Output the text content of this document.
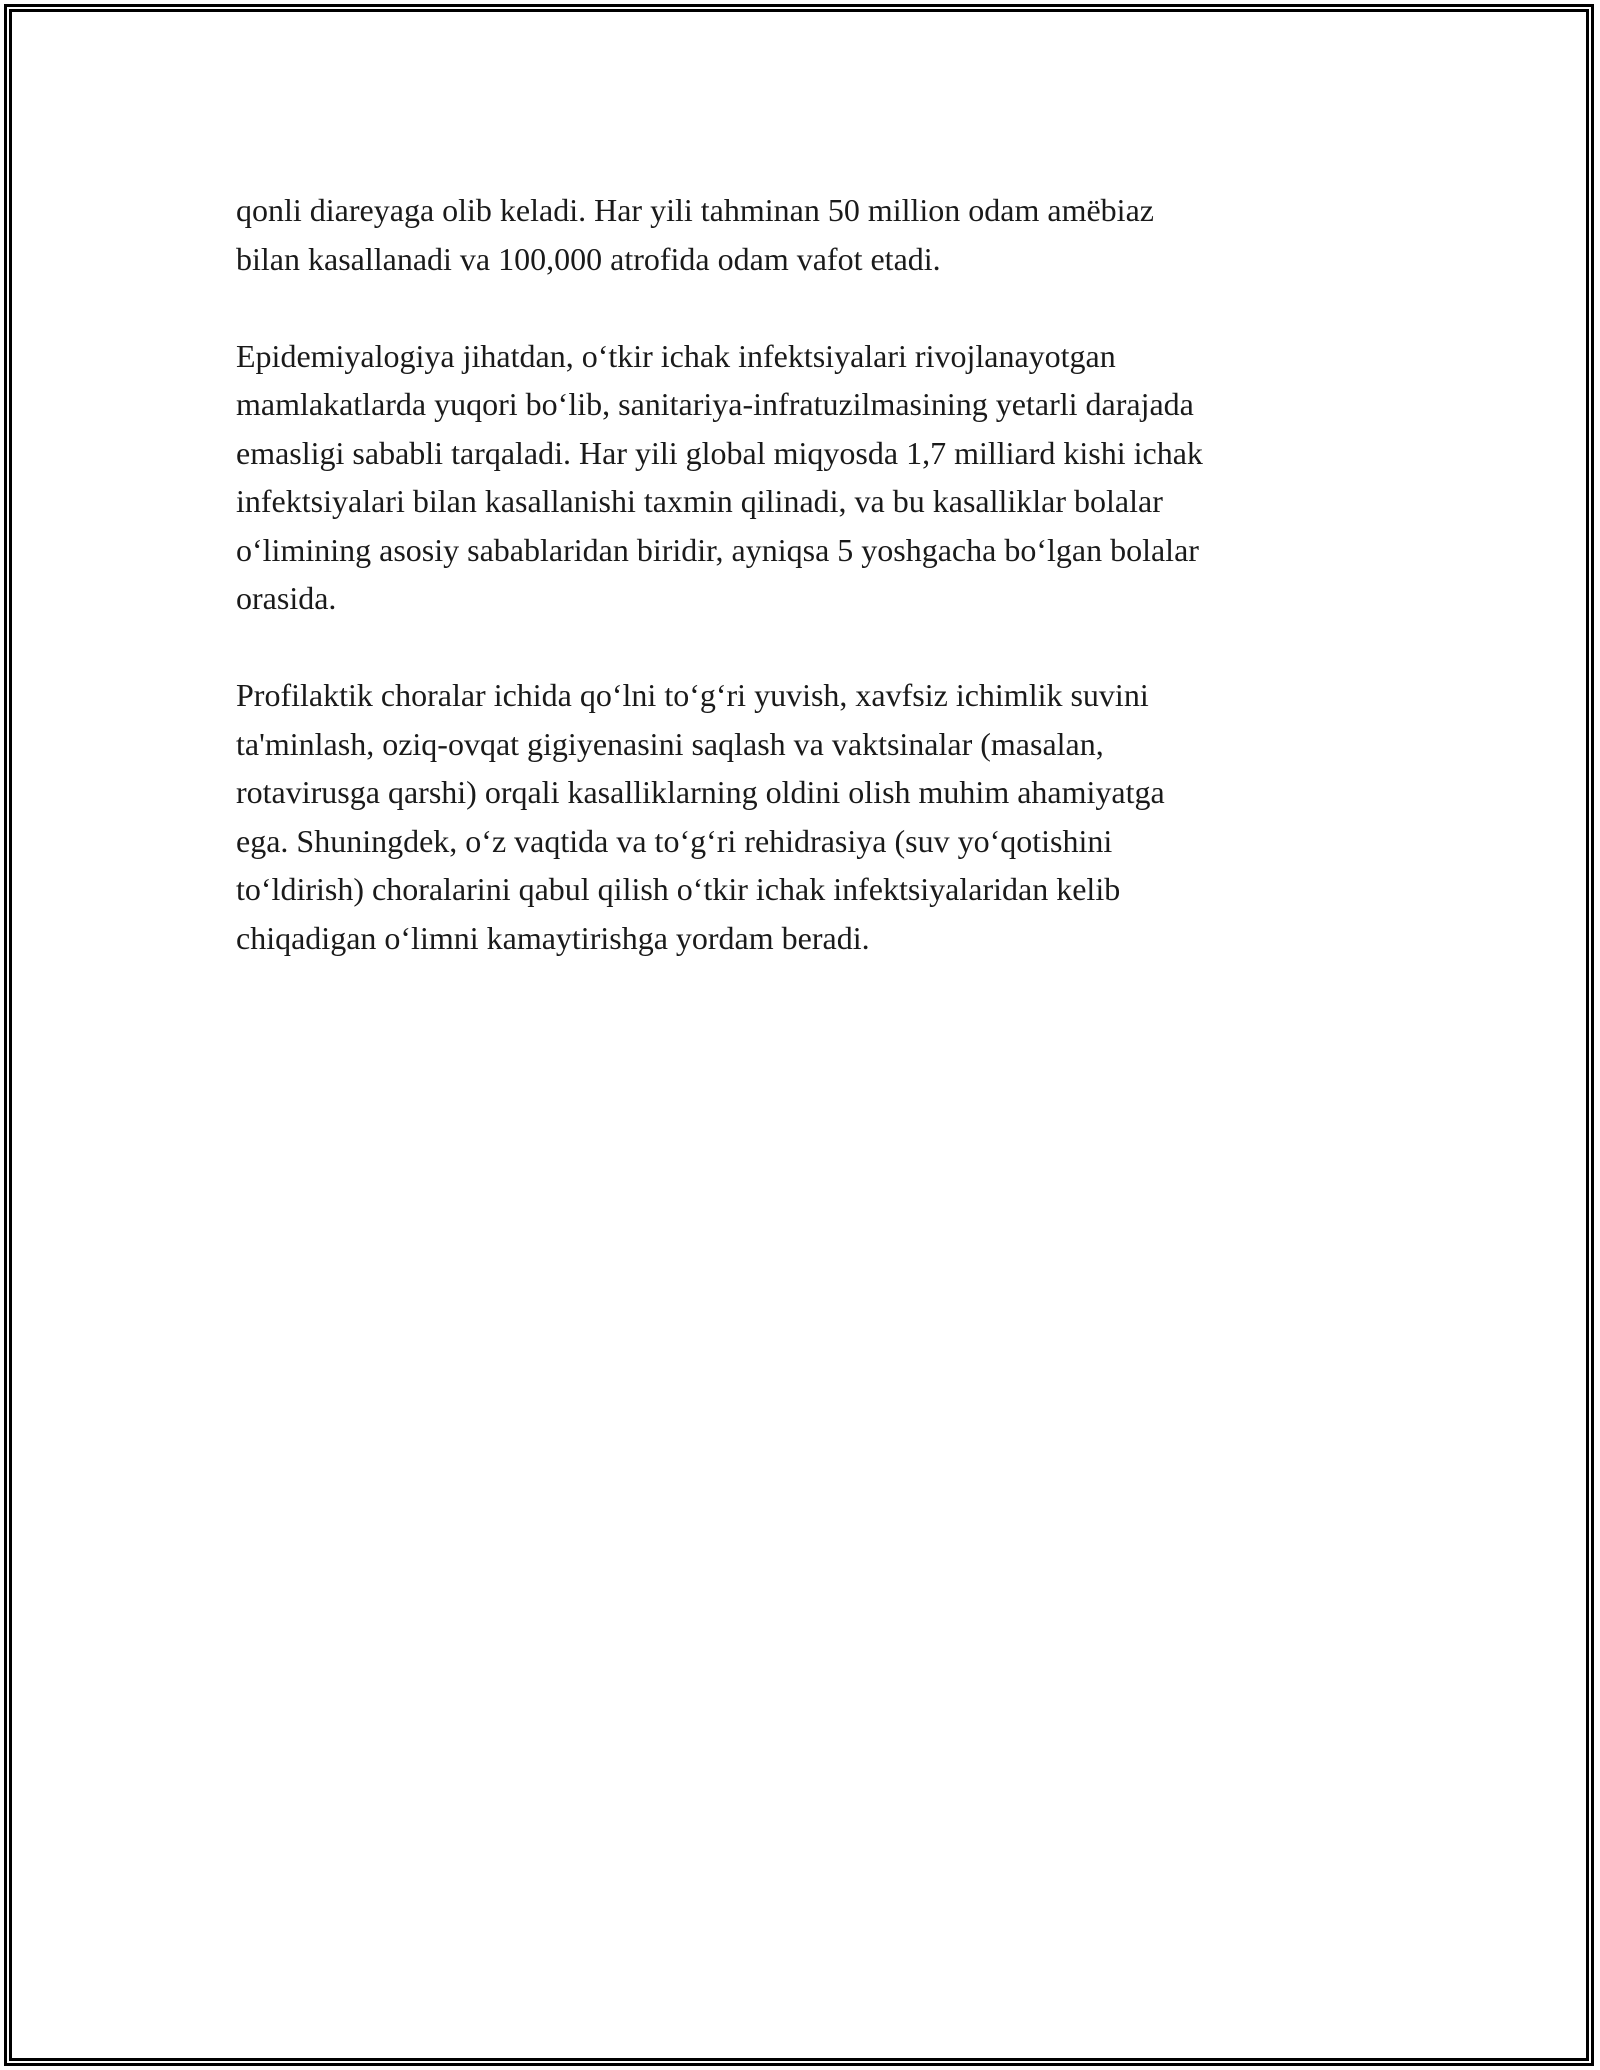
qonli diareyaga olib keladi. Har yili tahminan 50 million odam amëbiaz
bilan kasallanadi va 100,000 atrofida odam vafot etadi.

Epidemiyalogiya jihatdan, o‘tkir ichak infektsiyalari rivojlanayotgan
mamlakatlarda yuqori bo‘lib, sanitariya-infratuzilmasining yetarli darajada
emasligi sababli tarqaladi. Har yili global miqyosda 1,7 milliard kishi ichak
infektsiyalari bilan kasallanishi taxmin qilinadi, va bu kasalliklar bolalar
o‘limining asosiy sabablaridan biridir, ayniqsa 5 yoshgacha bo‘lgan bolalar
orasida.

Profilaktik choralar ichida qo‘lni to‘g‘ri yuvish, xavfsiz ichimlik suvini
ta'minlash, oziq-ovqat gigiyenasini saqlash va vaktsinalar (masalan,
rotavirusga qarshi) orqali kasalliklarning oldini olish muhim ahamiyatga
ega. Shuningdek, o‘z vaqtida va to‘g‘ri rehidrasiya (suv yo‘qotishini
to‘ldirish) choralarini qabul qilish o‘tkir ichak infektsiyalaridan kelib
chiqadigan o‘limni kamaytirishga yordam beradi.
